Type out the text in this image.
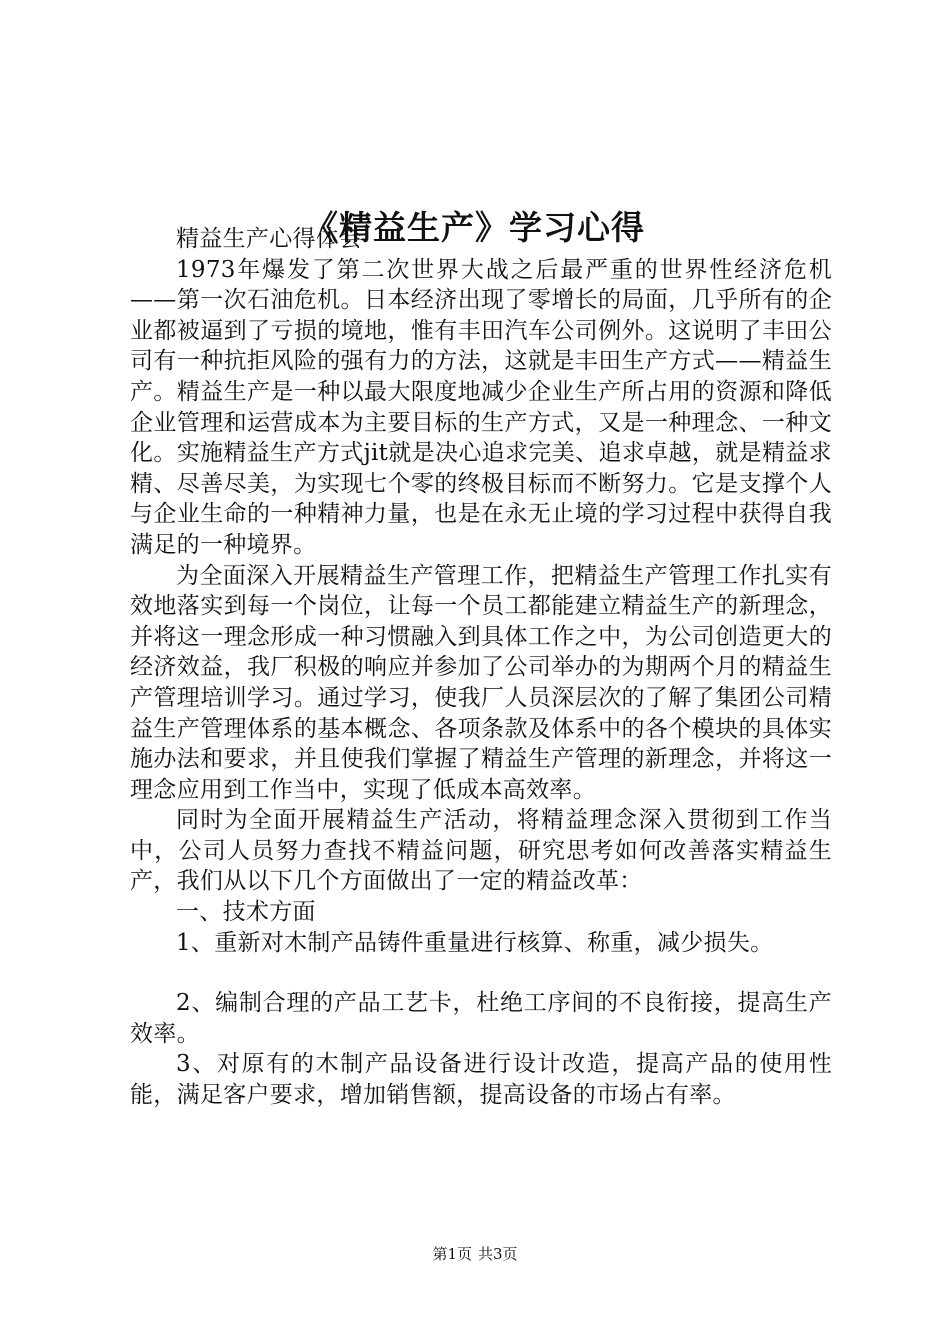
《精益生产》学习心得

精益生产心得体会

1973年爆发了第二次世界大战之后最严重的世界性经济危机——第一次石油危机。日本经济出现了零增长的局面，几乎所有的企业都被逼到了亏损的境地，惟有丰田汽车公司例外。这说明了丰田公司有一种抗拒风险的强有力的方法，这就是丰田生产方式——精益生产。精益生产是一种以最大限度地减少企业生产所占用的资源和降低企业管理和运营成本为主要目标的生产方式，又是一种理念、一种文化。实施精益生产方式jit就是决心追求完美、追求卓越，就是精益求精、尽善尽美，为实现七个零的终极目标而不断努力。它是支撑个人与企业生命的一种精神力量，也是在永无止境的学习过程中获得自我满足的一种境界。

为全面深入开展精益生产管理工作，把精益生产管理工作扎实有效地落实到每一个岗位，让每一个员工都能建立精益生产的新理念，并将这一理念形成一种习惯融入到具体工作之中，为公司创造更大的经济效益，我厂积极的响应并参加了公司举办的为期两个月的精益生产管理培训学习。通过学习，使我厂人员深层次的了解了集团公司精益生产管理体系的基本概念、各项条款及体系中的各个模块的具体实施办法和要求，并且使我们掌握了精益生产管理的新理念，并将这一理念应用到工作当中，实现了低成本高效率。

同时为全面开展精益生产活动，将精益理念深入贯彻到工作当中，公司人员努力查找不精益问题，研究思考如何改善落实精益生产，我们从以下几个方面做出了一定的精益改革：

一、技术方面

1、重新对木制产品铸件重量进行核算、称重，减少损失。

2、编制合理的产品工艺卡，杜绝工序间的不良衔接，提高生产效率。

3、对原有的木制产品设备进行设计改造，提高产品的使用性能，满足客户要求，增加销售额，提高设备的市场占有率。

第1页 共3页
